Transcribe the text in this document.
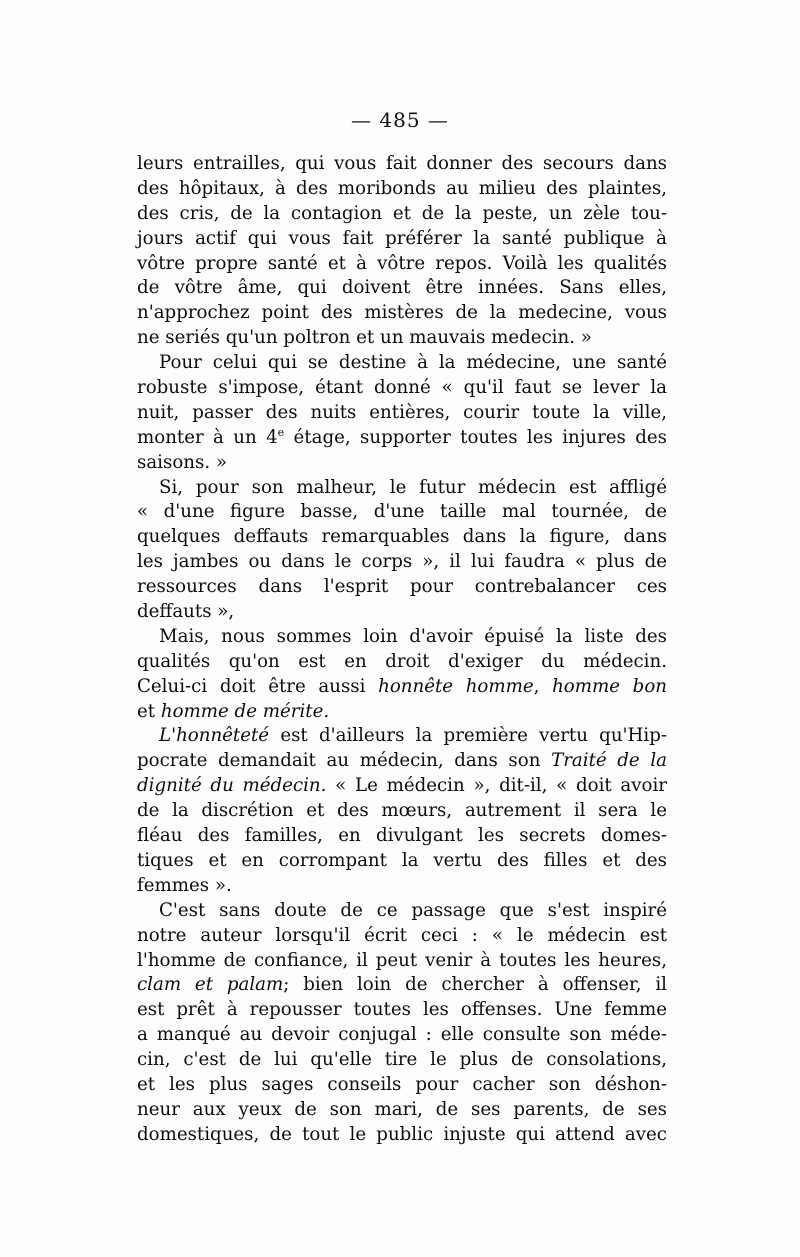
— 485 —
leurs entrailles, qui vous fait donner des secours dans
des hôpitaux, à des moribonds au milieu des plaintes,
des cris, de la contagion et de la peste, un zèle tou-
jours actif qui vous fait préférer la santé publique à
vôtre propre santé et à vôtre repos. Voilà les qualités
de vôtre âme, qui doivent être innées. Sans elles,
n'approchez point des mistères de la medecine, vous
ne seriés qu'un poltron et un mauvais medecin. »
Pour celui qui se destine à la médecine, une santé
robuste s'impose, étant donné « qu'il faut se lever la
nuit, passer des nuits entières, courir toute la ville,
monter à un 4e étage, supporter toutes les injures des
saisons. »
Si, pour son malheur, le futur médecin est affligé
« d'une figure basse, d'une taille mal tournée, de
quelques deffauts remarquables dans la figure, dans
les jambes ou dans le corps », il lui faudra « plus de
ressources dans l'esprit pour contrebalancer ces
deffauts »,
Mais, nous sommes loin d'avoir épuisé la liste des
qualités qu'on est en droit d'exiger du médecin.
Celui-ci doit être aussi honnête homme, homme bon
et homme de mérite.
L'honnêteté est d'ailleurs la première vertu qu'Hip-
pocrate demandait au médecin, dans son Traité de la
dignité du médecin. « Le médecin », dit-il, « doit avoir
de la discrétion et des mœurs, autrement il sera le
fléau des familles, en divulgant les secrets domes-
tiques et en corrompant la vertu des filles et des
femmes ».
C'est sans doute de ce passage que s'est inspiré
notre auteur lorsqu'il écrit ceci : « le médecin est
l'homme de confiance, il peut venir à toutes les heures,
clam et palam; bien loin de chercher à offenser, il
est prêt à repousser toutes les offenses. Une femme
a manqué au devoir conjugal : elle consulte son méde-
cin, c'est de lui qu'elle tire le plus de consolations,
et les plus sages conseils pour cacher son déshon-
neur aux yeux de son mari, de ses parents, de ses
domestiques, de tout le public injuste qui attend avec
